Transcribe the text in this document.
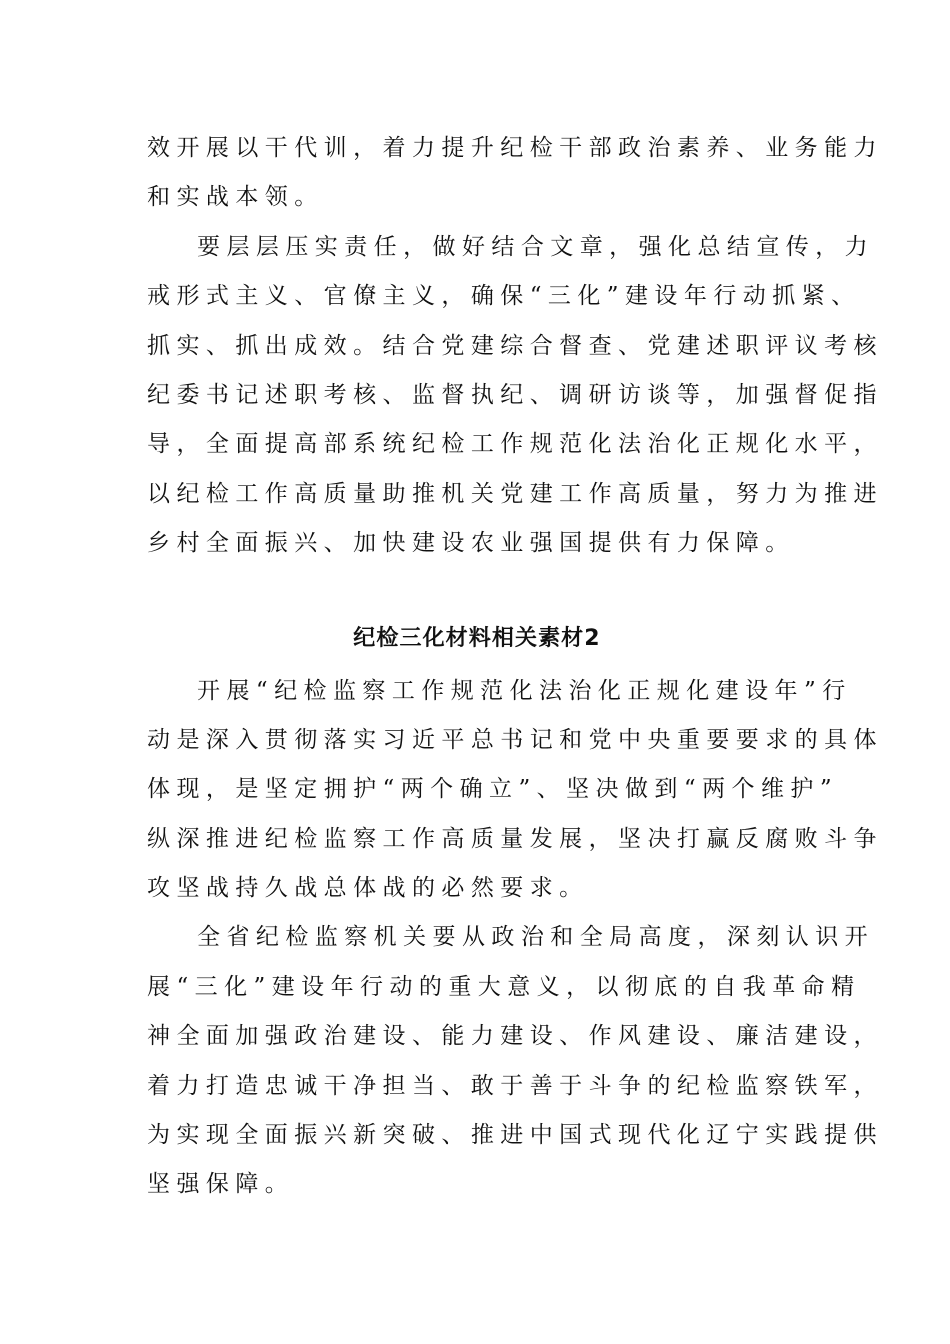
效开展以干代训，着力提升纪检干部政治素养、业务能力
和实战本领。
要层层压实责任，做好结合文章，强化总结宣传，力
戒形式主义、官僚主义，确保“三化”建设年行动抓紧、
抓实、抓出成效。结合党建综合督查、党建述职评议考核
纪委书记述职考核、监督执纪、调研访谈等，加强督促指
导，全面提高部系统纪检工作规范化法治化正规化水平，
以纪检工作高质量助推机关党建工作高质量，努力为推进
乡村全面振兴、加快建设农业强国提供有力保障。
纪检三化材料相关素材2
开展“纪检监察工作规范化法治化正规化建设年”行
动是深入贯彻落实习近平总书记和党中央重要要求的具体
体现，是坚定拥护“两个确立”、坚决做到“两个维护”
纵深推进纪检监察工作高质量发展，坚决打赢反腐败斗争
攻坚战持久战总体战的必然要求。
全省纪检监察机关要从政治和全局高度，深刻认识开
展“三化”建设年行动的重大意义，以彻底的自我革命精
神全面加强政治建设、能力建设、作风建设、廉洁建设，
着力打造忠诚干净担当、敢于善于斗争的纪检监察铁军，
为实现全面振兴新突破、推进中国式现代化辽宁实践提供
坚强保障。
